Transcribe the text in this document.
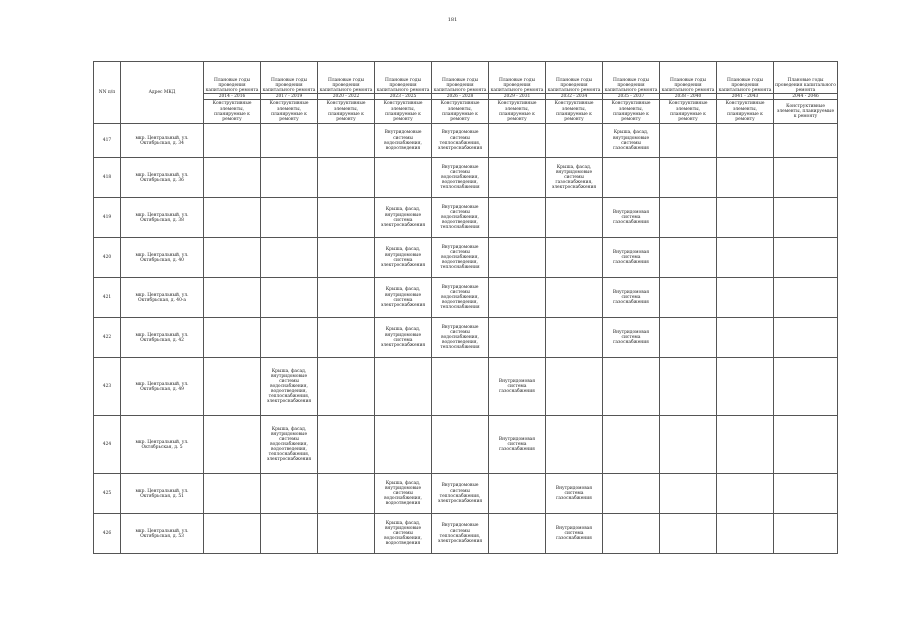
181
NN п/п	Адрес МКД	Плановые годы проведения капитального ремонта	Плановые годы проведения капитального ремонта	Плановые годы проведения капитального ремонта	Плановые годы проведения капитального ремонта	Плановые годы проведения капитального ремонта	Плановые годы проведения капитального ремонта	Плановые годы проведения капитального ремонта	Плановые годы проведения капитального ремонта	Плановые годы проведения капитального ремонта	Плановые годы проведения капитального ремонта	Плановые годы проведения капитального ремонта
		2014 - 2016	2017 - 2019	2020 - 2022	2023 - 2025	2026 - 2028	2029 - 2031	2032 - 2034	2035 - 2037	2038 - 2040	2041 - 2043	2044 - 2046
		Конструктивные элементы, планируемые к ремонту	Конструктивные элементы, планируемые к ремонту	Конструктивные элементы, планируемые к ремонту	Конструктивные элементы, планируемые к ремонту	Конструктивные элементы, планируемые к ремонту	Конструктивные элементы, планируемые к ремонту	Конструктивные элементы, планируемые к ремонту	Конструктивные элементы, планируемые к ремонту	Конструктивные элементы, планируемые к ремонту	Конструктивные элементы, планируемые к ремонту	Конструктивные элементы, планируемые к ремонту
417	мкр. Центральный, ул. Октябрьская, д. 34				Внутридомовые системы водоснабжения, водоотведения	Внутридомовые системы теплоснабжения, электроснабжения			Крыша, фасад, внутридомовые системы газоснабжения			
418	мкр. Центральный, ул. Октябрьская, д. 36					Внутридомовые системы водоснабжения, водоотведения, теплоснабжения		Крыша, фасад, внутридомовые системы газоснабжения, электроснабжения				
419	мкр. Центральный, ул. Октябрьская, д. 38				Крыша, фасад, внутридомовые система электроснабжения	Внутридомовые системы водоснабжения, водоотведения, теплоснабжения			Внутридомовая система газоснабжения			
420	мкр. Центральный, ул. Октябрьская, д. 40				Крыша, фасад, внутридомовые система электроснабжения	Внутридомовые системы водоснабжения, водоотведения, теплоснабжения			Внутридомовая система газоснабжения			
421	мкр. Центральный, ул. Октябрьская, д. 40-а				Крыша, фасад, внутридомовые система электроснабжения	Внутридомовые системы водоснабжения, водоотведения, теплоснабжения			Внутридомовая система газоснабжения			
422	мкр. Центральный, ул. Октябрьская, д. 42				Крыша, фасад, внутридомовые система электроснабжения	Внутридомовые системы водоснабжения, водоотведения, теплоснабжения			Внутридомовая система газоснабжения			
423	мкр. Центральный, ул. Октябрьская, д. 49		Крыша, фасад, внутридомовые системы водоснабжения, водоотведения, теплоснабжения, электроснабжения				Внутридомовая система газоснабжения					
424	мкр. Центральный, ул. Октябрьская, д. 5		Крыша, фасад, внутридомовые системы водоснабжения, водоотведения, теплоснабжения, электроснабжения				Внутридомовая система газоснабжения					
425	мкр. Центральный, ул. Октябрьская, д. 51				Крыша, фасад, внутридомовые системы водоснабжения, водоотведения	Внутридомовые системы теплоснабжения, электроснабжения		Внутридомовая система газоснабжения				
426	мкр. Центральный, ул. Октябрьская, д. 53				Крыша, фасад, внутридомовые системы водоснабжения, водоотведения	Внутридомовые системы теплоснабжения, электроснабжения		Внутридомовая система газоснабжения				
